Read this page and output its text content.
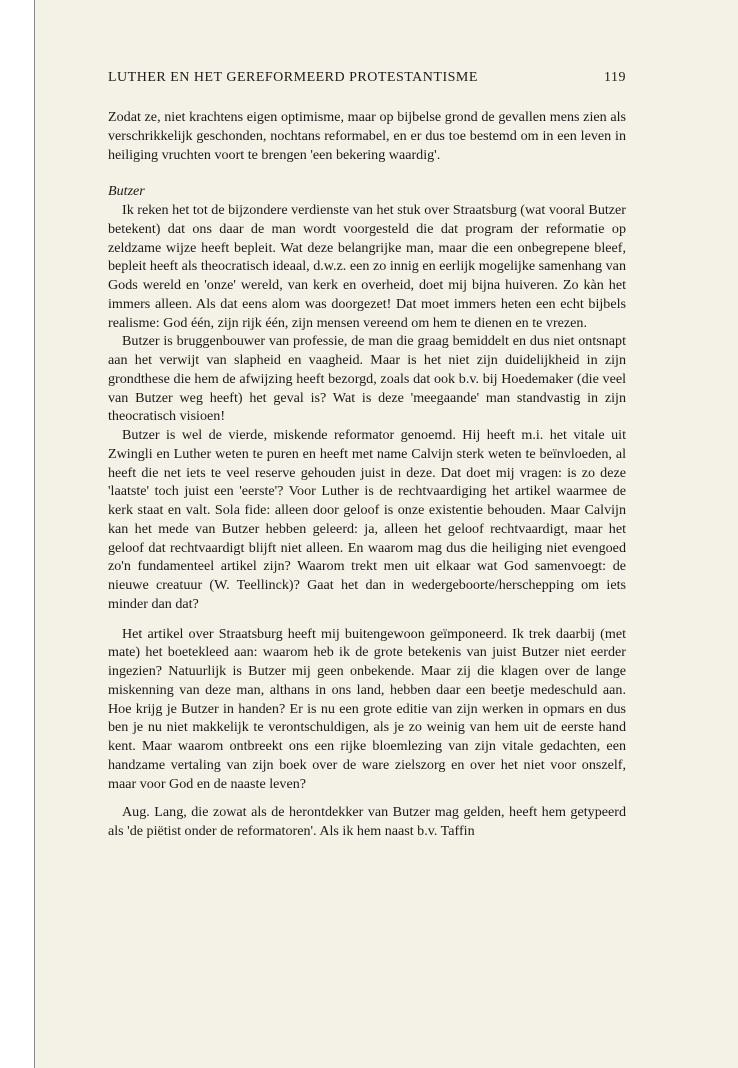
LUTHER EN HET GEREFORMEERD PROTESTANTISME	119

Zodat ze, niet krachtens eigen optimisme, maar op bijbelse grond de gevallen mens zien als verschrikkelijk geschonden, nochtans reformabel, en er dus toe bestemd om in een leven in heiliging vruchten voort te brengen 'een bekering waardig'.

Butzer

Ik reken het tot de bijzondere verdienste van het stuk over Straatsburg (wat vooral Butzer betekent) dat ons daar de man wordt voorgesteld die dat program der reformatie op zeldzame wijze heeft bepleit. Wat deze belangrijke man, maar die een onbegrepene bleef, bepleit heeft als theocratisch ideaal, d.w.z. een zo innig en eerlijk mogelijke samenhang van Gods wereld en 'onze' wereld, van kerk en overheid, doet mij bijna huiveren. Zo kàn het immers alleen. Als dat eens alom was doorgezet! Dat moet immers heten een echt bijbels realisme: God één, zijn rijk één, zijn mensen vereend om hem te dienen en te vrezen.

Butzer is bruggenbouwer van professie, de man die graag bemiddelt en dus niet ontsnapt aan het verwijt van slapheid en vaagheid. Maar is het niet zijn duidelijkheid in zijn grondthese die hem de afwijzing heeft bezorgd, zoals dat ook b.v. bij Hoedemaker (die veel van Butzer weg heeft) het geval is? Wat is deze 'meegaande' man standvastig in zijn theocratisch visioen!

Butzer is wel de vierde, miskende reformator genoemd. Hij heeft m.i. het vitale uit Zwingli en Luther weten te puren en heeft met name Calvijn sterk weten te beïnvloeden, al heeft die net iets te veel reserve gehouden juist in deze. Dat doet mij vragen: is zo deze 'laatste' toch juist een 'eerste'? Voor Luther is de rechtvaardiging het artikel waarmee de kerk staat en valt. Sola fide: alleen door geloof is onze existentie behouden. Maar Calvijn kan het mede van Butzer hebben geleerd: ja, alleen het geloof rechtvaardigt, maar het geloof dat rechtvaardigt blijft niet alleen. En waarom mag dus die heiliging niet evengoed zo'n fundamenteel artikel zijn? Waarom trekt men uit elkaar wat God samenvoegt: de nieuwe creatuur (W. Teellinck)? Gaat het dan in wedergeboorte/herschepping om iets minder dan dat?

Het artikel over Straatsburg heeft mij buitengewoon geïmponeerd. Ik trek daarbij (met mate) het boetekleed aan: waarom heb ik de grote betekenis van juist Butzer niet eerder ingezien? Natuurlijk is Butzer mij geen onbekende. Maar zij die klagen over de lange miskenning van deze man, althans in ons land, hebben daar een beetje medeschuld aan. Hoe krijg je Butzer in handen? Er is nu een grote editie van zijn werken in opmars en dus ben je nu niet makkelijk te verontschuldigen, als je zo weinig van hem uit de eerste hand kent. Maar waarom ontbreekt ons een rijke bloemlezing van zijn vitale gedachten, een handzame vertaling van zijn boek over de ware zielszorg en over het niet voor onszelf, maar voor God en de naaste leven?

Aug. Lang, die zowat als de herontdekker van Butzer mag gelden, heeft hem getypeerd als 'de piëtist onder de reformatoren'. Als ik hem naast b.v. Taffin
